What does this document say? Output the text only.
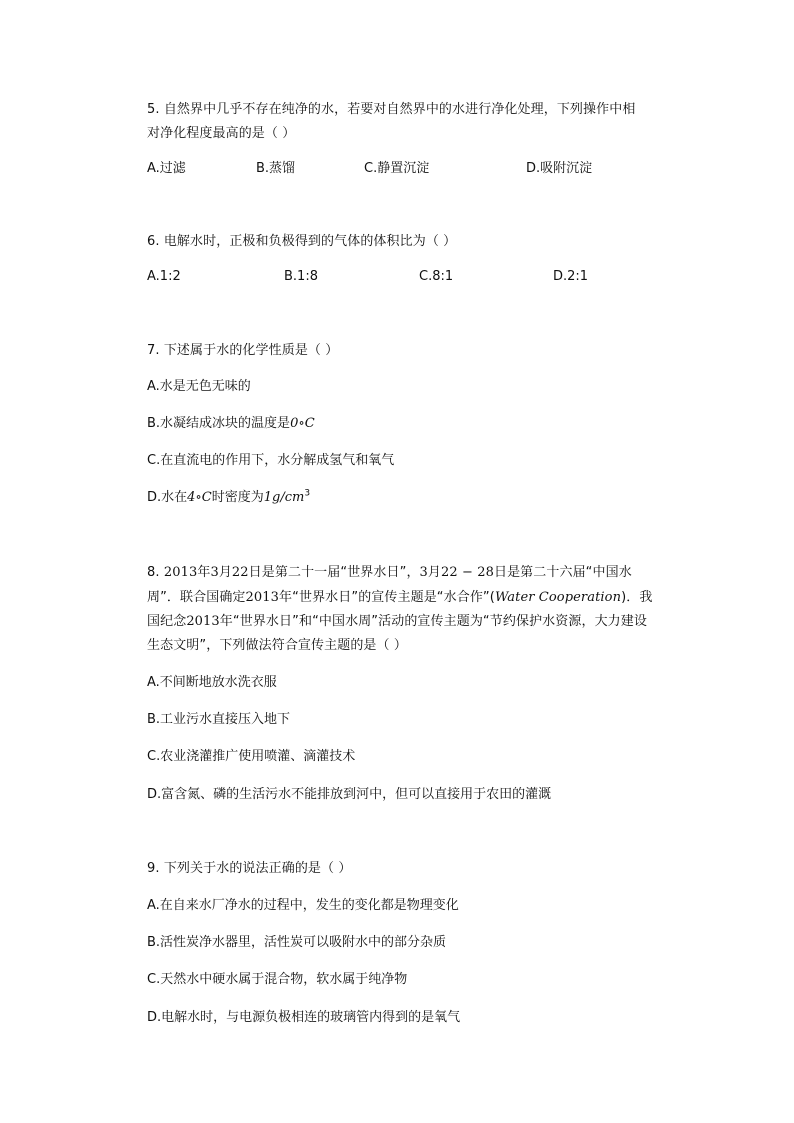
5. 自然界中几乎不存在纯净的水，若要对自然界中的水进行净化处理，下列操作中相
对净化程度最高的是（ ）
A.过滤	B.蒸馏	C.静置沉淀	D.吸附沉淀
6. 电解水时，正极和负极得到的气体的体积比为（ ）
A.1:2	B.1:8	C.8:1	D.2:1
7. 下述属于水的化学性质是（ ）
A.水是无色无味的
B.水凝结成冰块的温度是0∘C
C.在直流电的作用下，水分解成氢气和氧气
D.水在4∘C时密度为$1g/cm^3$
8. 2013年3月22日是第二十一届“世界水日”，3月22 − 28日是第二十六届“中国水
周”．联合国确定2013年“世界水日”的宣传主题是“水合作”(Water Cooperation)．我
国纪念2013年“世界水日”和“中国水周”活动的宣传主题为“节约保护水资源，大力建设
生态文明”，下列做法符合宣传主题的是（ ）
A.不间断地放水洗衣服
B.工业污水直接压入地下
C.农业浇灌推广使用喷灌、滴灌技术
D.富含氮、磷的生活污水不能排放到河中，但可以直接用于农田的灌溉
9. 下列关于水的说法正确的是（ ）
A.在自来水厂净水的过程中，发生的变化都是物理变化
B.活性炭净水器里，活性炭可以吸附水中的部分杂质
C.天然水中硬水属于混合物，软水属于纯净物
D.电解水时，与电源负极相连的玻璃管内得到的是氧气
